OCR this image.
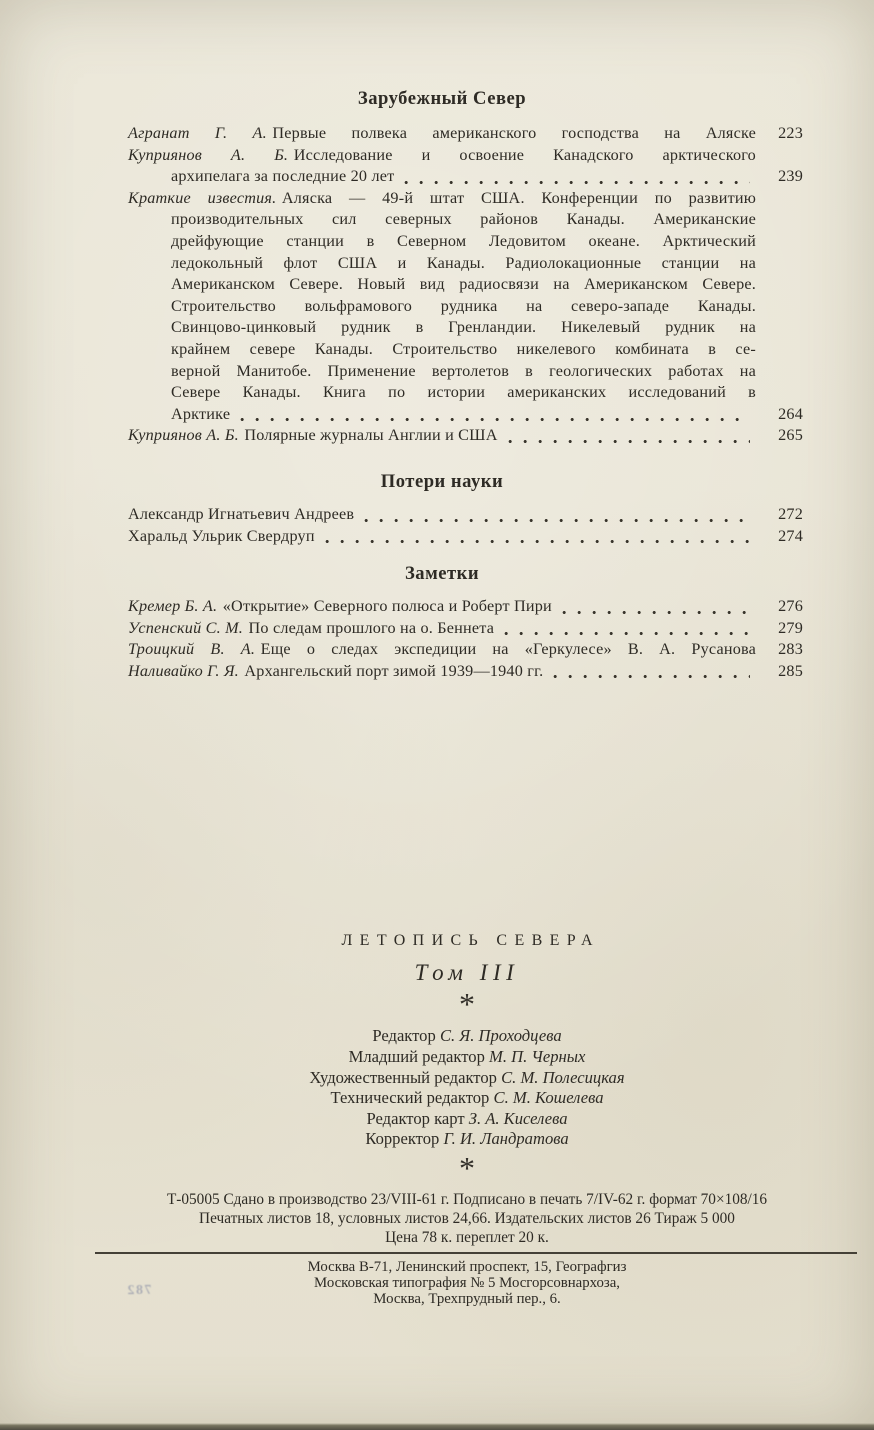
Зарубежный Север
Агранат Г. А. Первые полвека американского господства на Аляске	223
Куприянов А. Б. Исследование и освоение Канадского арктического
архипелага за последние 20 лет	239
Краткие известия. Аляска — 49-й штат США. Конференции по развитию
производительных сил северных районов Канады. Американские
дрейфующие станции в Северном Ледовитом океане. Арктический
ледокольный флот США и Канады. Радиолокационные станции на
Американском Севере. Новый вид радиосвязи на Американском Севере.
Строительство вольфрамового рудника на северо-западе Канады.
Свинцово-цинковый рудник в Гренландии. Никелевый рудник на
крайнем севере Канады. Строительство никелевого комбината в се-
верной Манитобе. Применение вертолетов в геологических работах на
Севере Канады. Книга по истории американских исследований в
Арктике	264
Куприянов А. Б. Полярные журналы Англии и США	265
Потери науки
Александр Игнатьевич Андреев	272
Харальд Ульрик Свердруп	274
Заметки
Кремер Б. А. «Открытие» Северного полюса и Роберт Пири	276
Успенский С. М. По следам прошлого на о. Беннета	279
Троицкий В. А. Еще о следах экспедиции на «Геркулесе» В. А. Русанова	283
Наливайко Г. Я. Архангельский порт зимой 1939—1940 гг.	285
ЛЕТОПИСЬ СЕВЕРА
Том III
*
Редактор С. Я. Проходцева
Младший редактор М. П. Черных
Художественный редактор С. М. Полесицкая
Технический редактор С. М. Кошелева
Редактор карт З. А. Киселева
Корректор Г. И. Ландратова
*
Т-05005 Сдано в производство 23/VIII-61 г. Подписано в печать 7/IV-62 г. формат 70×108/16
Печатных листов 18, условных листов 24,66. Издательских листов 26 Тираж 5 000
Цена 78 к. переплет 20 к.
Москва В-71, Ленинский проспект, 15, Географгиз
Московская типография № 5 Мосгорсовнархоза,
Москва, Трехпрудный пер., 6.
782
